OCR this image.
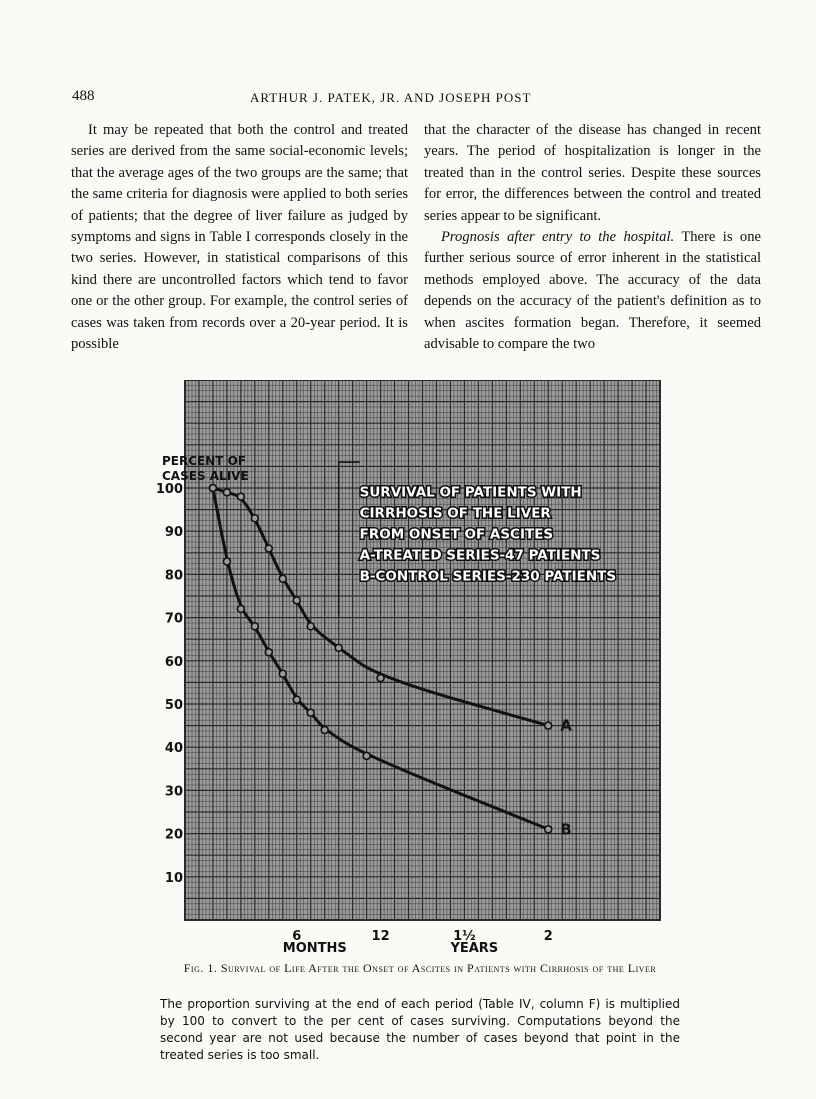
488	ARTHUR J. PATEK, JR. AND JOSEPH POST

It may be repeated that both the control and treated series are derived from the same social-economic levels; that the average ages of the two groups are the same; that the same criteria for diagnosis were applied to both series of patients; that the degree of liver failure as judged by symptoms and signs in Table I corresponds closely in the two series. However, in statistical comparisons of this kind there are uncontrolled factors which tend to favor one or the other group. For example, the control series of cases was taken from records over a 20-year period. It is possible

that the character of the disease has changed in recent years. The period of hospitalization is longer in the treated than in the control series. Despite these sources for error, the differences between the control and treated series appear to be significant.

Prognosis after entry to the hospital. There is one further serious source of error inherent in the statistical methods employed above. The accuracy of the data depends on the accuracy of the patient's definition as to when ascites formation began. Therefore, it seemed advisable to compare the two

10
20
30
40
50
60
70
80
90
100
6	12	1½	2
PERCENT OF
CASES ALIVE
MONTHS	YEARS
A
B
SURVIVAL OF PATIENTS WITH
CIRRHOSIS OF THE LIVER
FROM ONSET OF ASCITES
A-TREATED SERIES-47 PATIENTS
B-CONTROL SERIES-230 PATIENTS
Fig. 1. Survival of Life After the Onset of Ascites in Patients with Cirrhosis of the Liver
The proportion surviving at the end of each period (Table IV, column F) is multiplied by 100 to convert to the per cent of cases surviving. Computations beyond the second year are not used because the number of cases beyond that point in the treated series is too small.
